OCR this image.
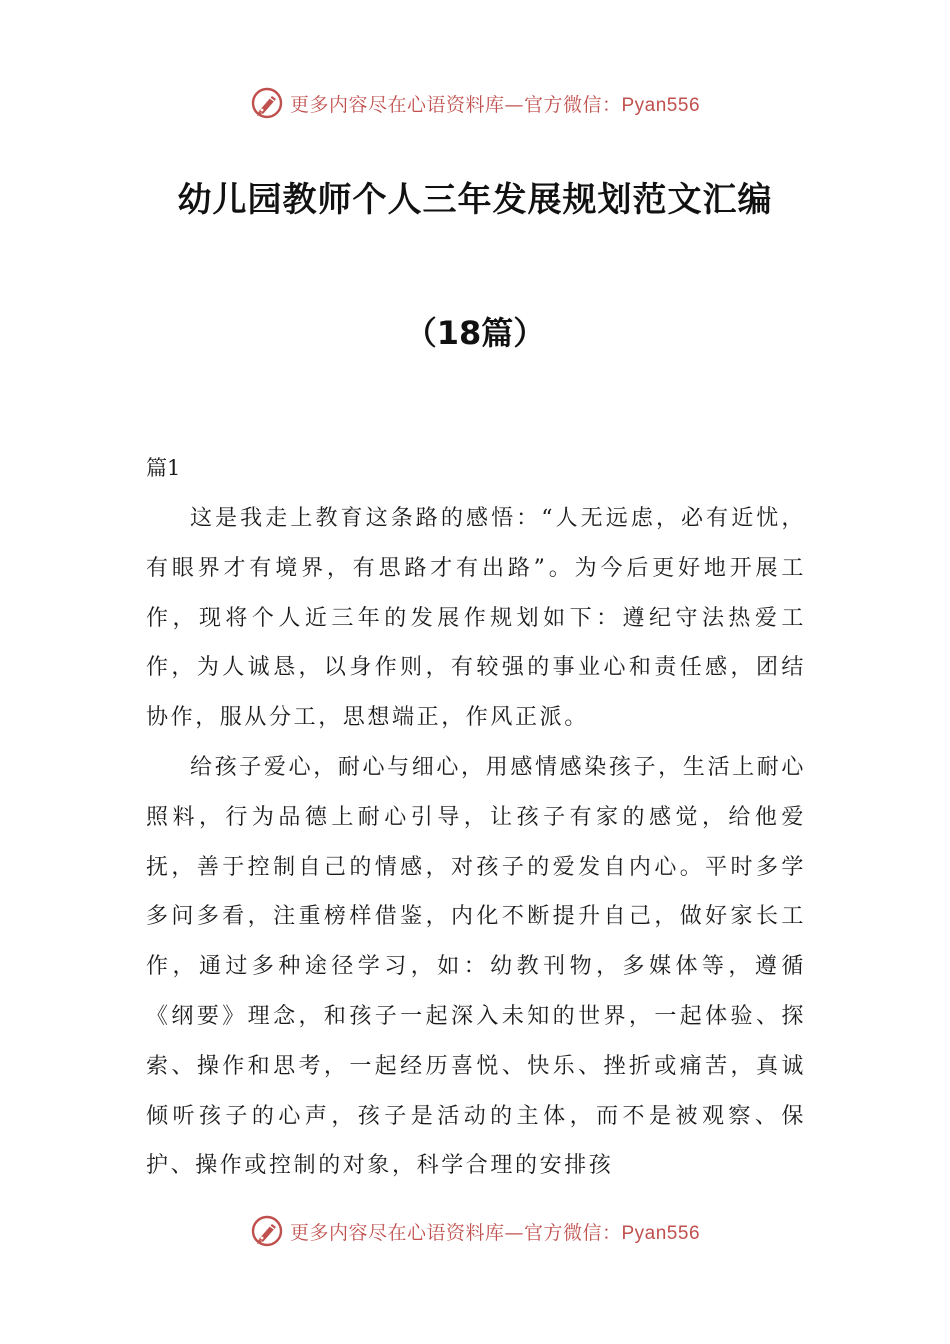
更多内容尽在心语资料库—官方微信：Pyan556
幼儿园教师个人三年发展规划范文汇编
（18篇）
篇1

这是我走上教育这条路的感悟：“人无远虑，必有近忧，有眼界才有境界，有思路才有出路”。为今后更好地开展工作，现将个人近三年的发展作规划如下：遵纪守法热爱工作，为人诚恳，以身作则，有较强的事业心和责任感，团结协作，服从分工，思想端正，作风正派。

给孩子爱心，耐心与细心，用感情感染孩子，生活上耐心照料，行为品德上耐心引导，让孩子有家的感觉，给他爱抚，善于控制自己的情感，对孩子的爱发自内心。平时多学多问多看，注重榜样借鉴，内化不断提升自己，做好家长工作，通过多种途径学习，如：幼教刊物，多媒体等，遵循《纲要》理念，和孩子一起深入未知的世界，一起体验、探索、操作和思考，一起经历喜悦、快乐、挫折或痛苦，真诚倾听孩子的心声，孩子是活动的主体，而不是被观察、保护、操作或控制的对象，科学合理的安排孩

更多内容尽在心语资料库—官方微信：Pyan556
